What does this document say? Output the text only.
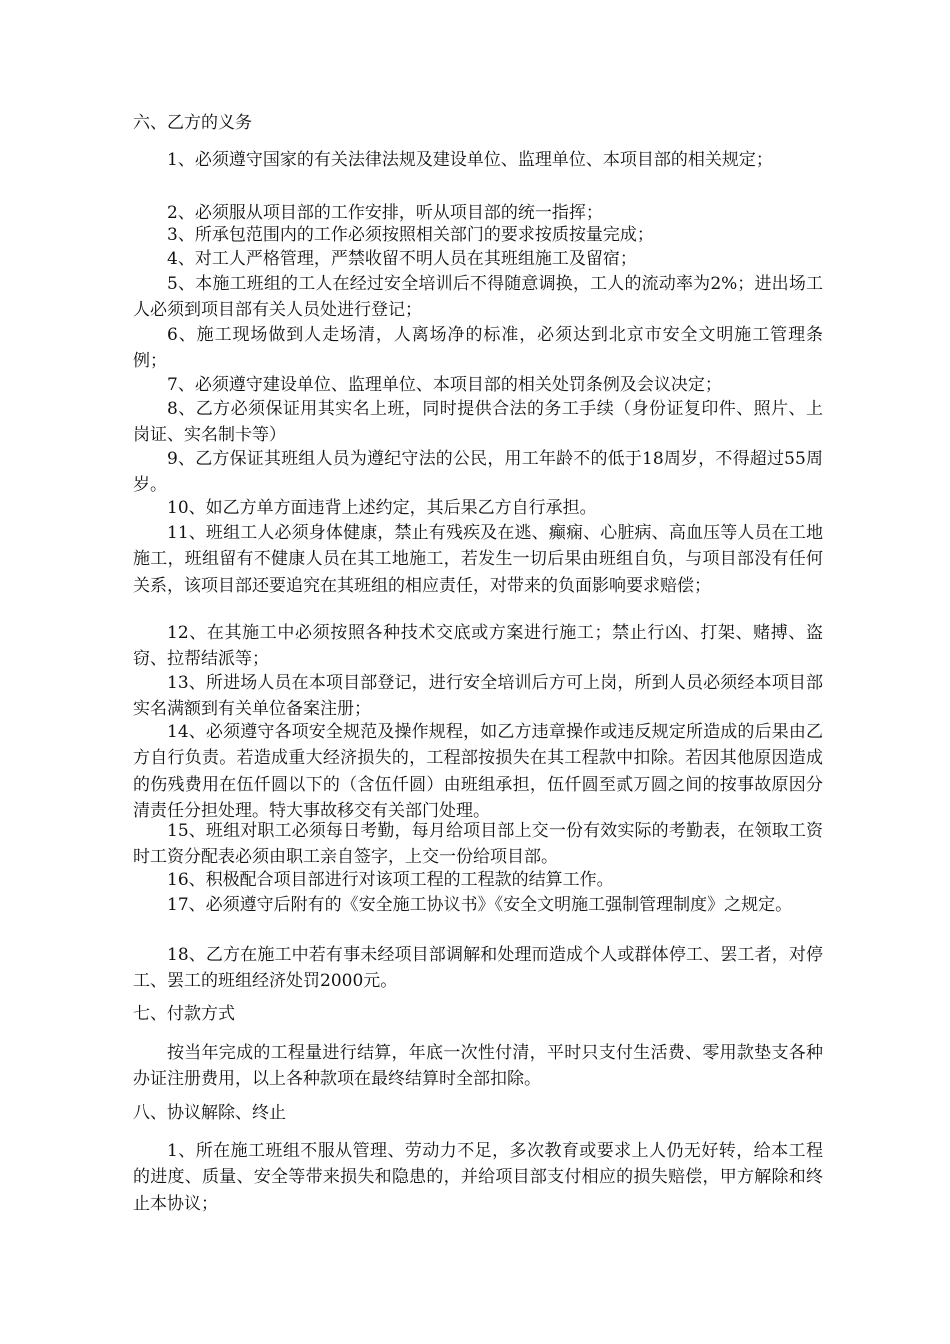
六、乙方的义务

1、必须遵守国家的有关法律法规及建设单位、监理单位、本项目部的相关规定；

2、必须服从项目部的工作安排，听从项目部的统一指挥；

3、所承包范围内的工作必须按照相关部门的要求按质按量完成；

4、对工人严格管理，严禁收留不明人员在其班组施工及留宿；

5、本施工班组的工人在经过安全培训后不得随意调换，工人的流动率为2%；进出场工人必须到项目部有关人员处进行登记；

6、施工现场做到人走场清，人离场净的标准，必须达到北京市安全文明施工管理条例；

7、必须遵守建设单位、监理单位、本项目部的相关处罚条例及会议决定；

8、乙方必须保证用其实名上班，同时提供合法的务工手续（身份证复印件、照片、上岗证、实名制卡等）

9、乙方保证其班组人员为遵纪守法的公民，用工年龄不的低于18周岁，不得超过55周岁。

10、如乙方单方面违背上述约定，其后果乙方自行承担。

11、班组工人必须身体健康，禁止有残疾及在逃、癫痫、心脏病、高血压等人员在工地施工，班组留有不健康人员在其工地施工，若发生一切后果由班组自负，与项目部没有任何关系，该项目部还要追究在其班组的相应责任，对带来的负面影响要求赔偿；

12、在其施工中必须按照各种技术交底或方案进行施工；禁止行凶、打架、赌搏、盗窃、拉帮结派等；

13、所进场人员在本项目部登记，进行安全培训后方可上岗，所到人员必须经本项目部实名满额到有关单位备案注册；

14、必须遵守各项安全规范及操作规程，如乙方违章操作或违反规定所造成的后果由乙方自行负责。若造成重大经济损失的，工程部按损失在其工程款中扣除。若因其他原因造成的伤残费用在伍仟圆以下的（含伍仟圆）由班组承担，伍仟圆至贰万圆之间的按事故原因分清责任分担处理。特大事故移交有关部门处理。

15、班组对职工必须每日考勤，每月给项目部上交一份有效实际的考勤表，在领取工资时工资分配表必须由职工亲自签字，上交一份给项目部。

16、积极配合项目部进行对该项工程的工程款的结算工作。

17、必须遵守后附有的《安全施工协议书》《安全文明施工强制管理制度》之规定。

18、乙方在施工中若有事未经项目部调解和处理而造成个人或群体停工、罢工者，对停工、罢工的班组经济处罚2000元。

七、付款方式

按当年完成的工程量进行结算，年底一次性付清，平时只支付生活费、零用款垫支各种办证注册费用，以上各种款项在最终结算时全部扣除。

八、协议解除、终止

1、所在施工班组不服从管理、劳动力不足，多次教育或要求上人仍无好转，给本工程的进度、质量、安全等带来损失和隐患的，并给项目部支付相应的损失赔偿，甲方解除和终止本协议；
